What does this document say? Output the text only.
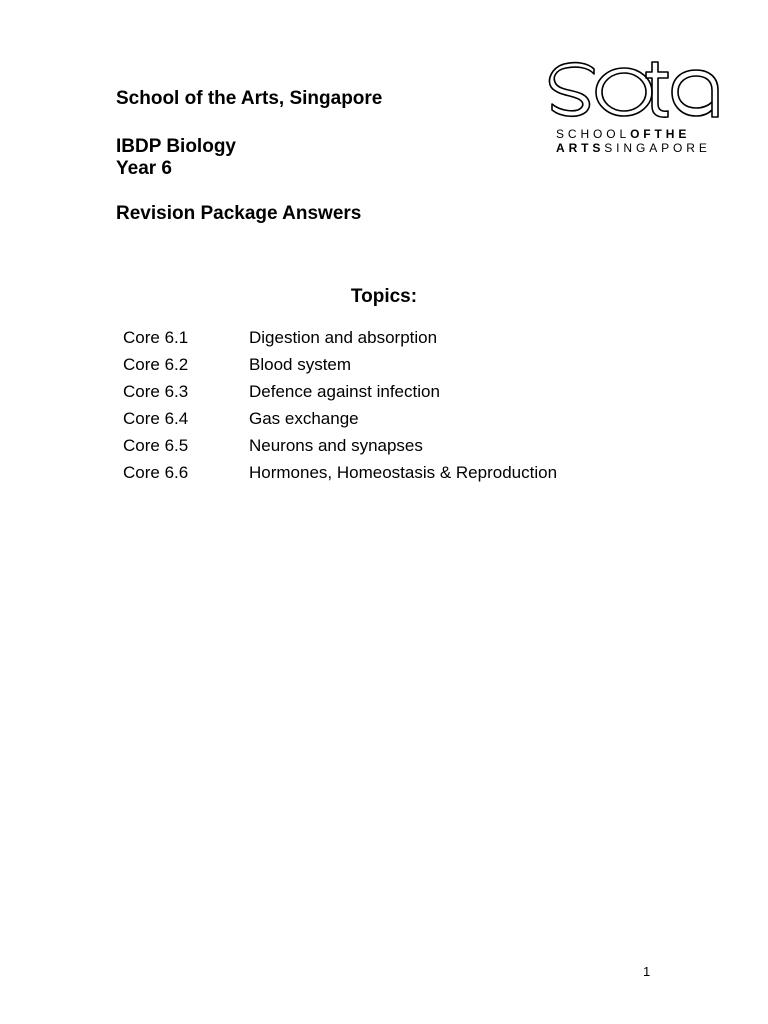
School of the Arts, Singapore
IBDP Biology
Year 6
Revision Package Answers
SCHOOLOFTHE
ARTSSINGAPORE
Topics:
Core 6.1	Digestion and absorption
Core 6.2	Blood system
Core 6.3	Defence against infection
Core 6.4	Gas exchange
Core 6.5	Neurons and synapses
Core 6.6	Hormones, Homeostasis & Reproduction
1
